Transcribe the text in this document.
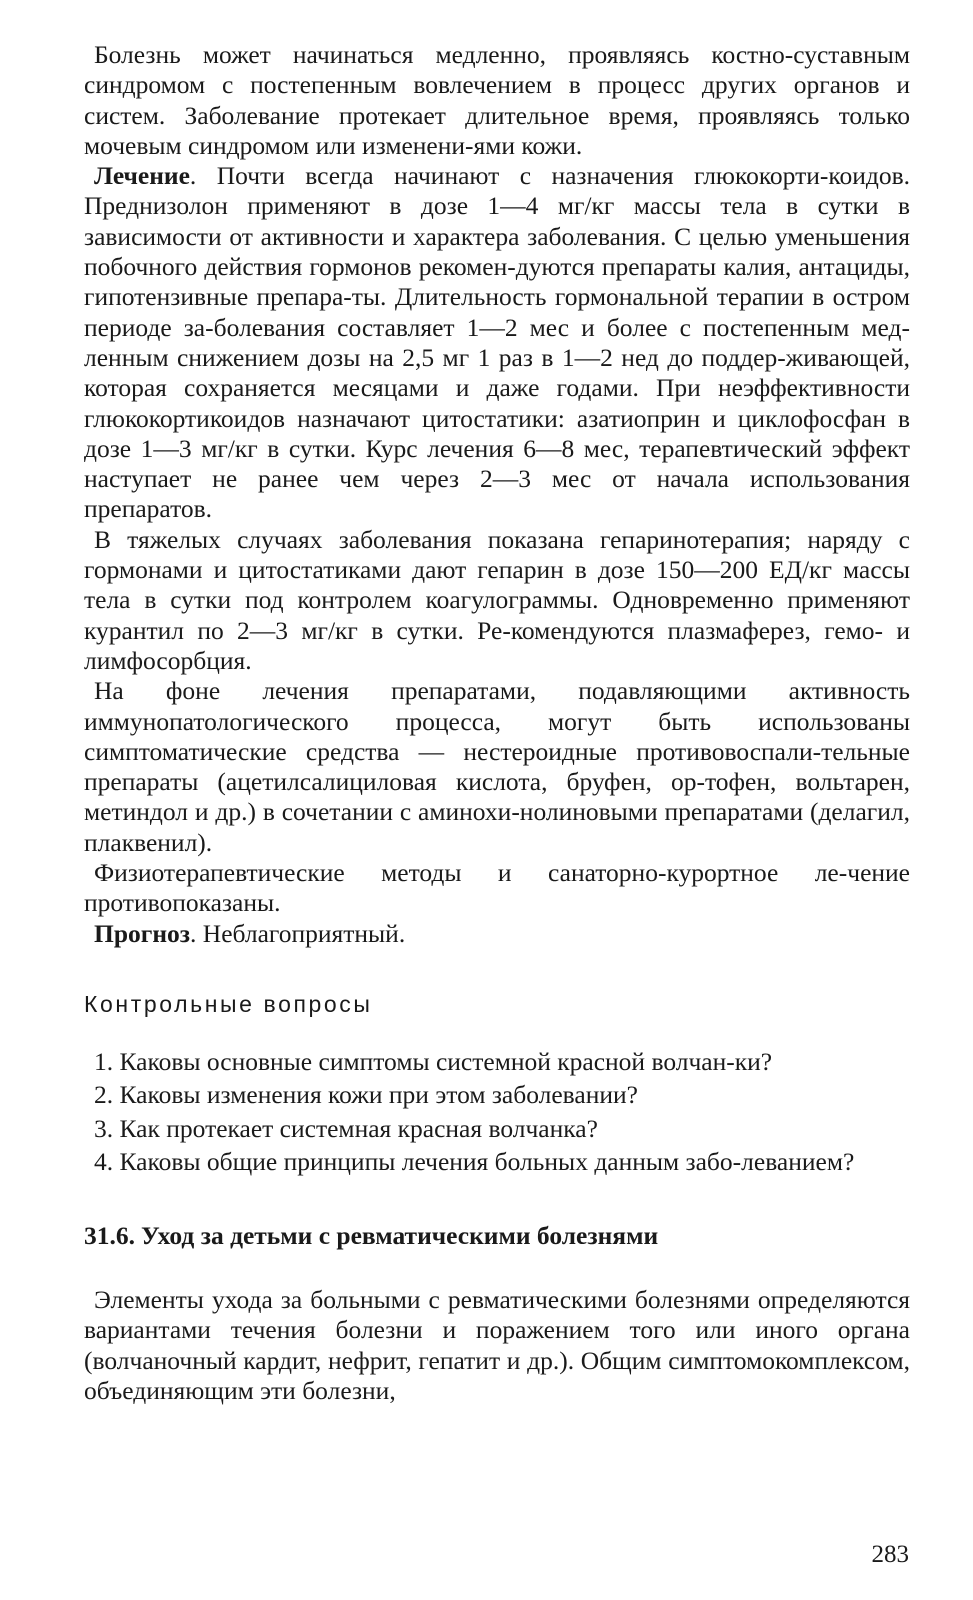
Болезнь может начинаться медленно, проявляясь костно-суставным синдромом с постепенным вовлечением в процесс других органов и систем. Заболевание протекает длительное время, проявляясь только мочевым синдромом или изменени-ями кожи.

Лечение. Почти всегда начинают с назначения глюкокорти-коидов. Преднизолон применяют в дозе 1—4 мг/кг массы тела в сутки в зависимости от активности и характера заболевания. С целью уменьшения побочного действия гормонов рекомен-дуются препараты калия, антациды, гипотензивные препара-ты. Длительность гормональной терапии в остром периоде за-болевания составляет 1—2 мес и более с постепенным мед-ленным снижением дозы на 2,5 мг 1 раз в 1—2 нед до поддер-живающей, которая сохраняется месяцами и даже годами. При неэффективности глюкокортикоидов назначают цитостатики: азатиоприн и циклофосфан в дозе 1—3 мг/кг в сутки. Курс лечения 6—8 мес, терапевтический эффект наступает не ранее чем через 2—3 мес от начала использования препаратов.

В тяжелых случаях заболевания показана гепаринотерапия; наряду с гормонами и цитостатиками дают гепарин в дозе 150—200 ЕД/кг массы тела в сутки под контролем коагулограммы. Одновременно применяют курантил по 2—3 мг/кг в сутки. Ре-комендуются плазмаферез, гемо- и лимфосорбция.

На фоне лечения препаратами, подавляющими активность иммунопатологического процесса, могут быть использованы симптоматические средства — нестероидные противовоспали-тельные препараты (ацетилсалициловая кислота, бруфен, ор-тофен, вольтарен, метиндол и др.) в сочетании с аминохи-нолиновыми препаратами (делагил, плаквенил).

Физиотерапевтические методы и санаторно-курортное ле-чение противопоказаны.

Прогноз. Неблагоприятный.

Контрольные вопросы
1. Каковы основные симптомы системной красной волчан-ки?
2. Каковы изменения кожи при этом заболевании?
3. Как протекает системная красная волчанка?
4. Каковы общие принципы лечения больных данным забо-леванием?
31.6. Уход за детьми с ревматическими болезнями

Элементы ухода за больными с ревматическими болезнями определяются вариантами течения болезни и поражением того или иного органа (волчаночный кардит, нефрит, гепатит и др.). Общим симптомокомплексом, объединяющим эти болезни,

283
